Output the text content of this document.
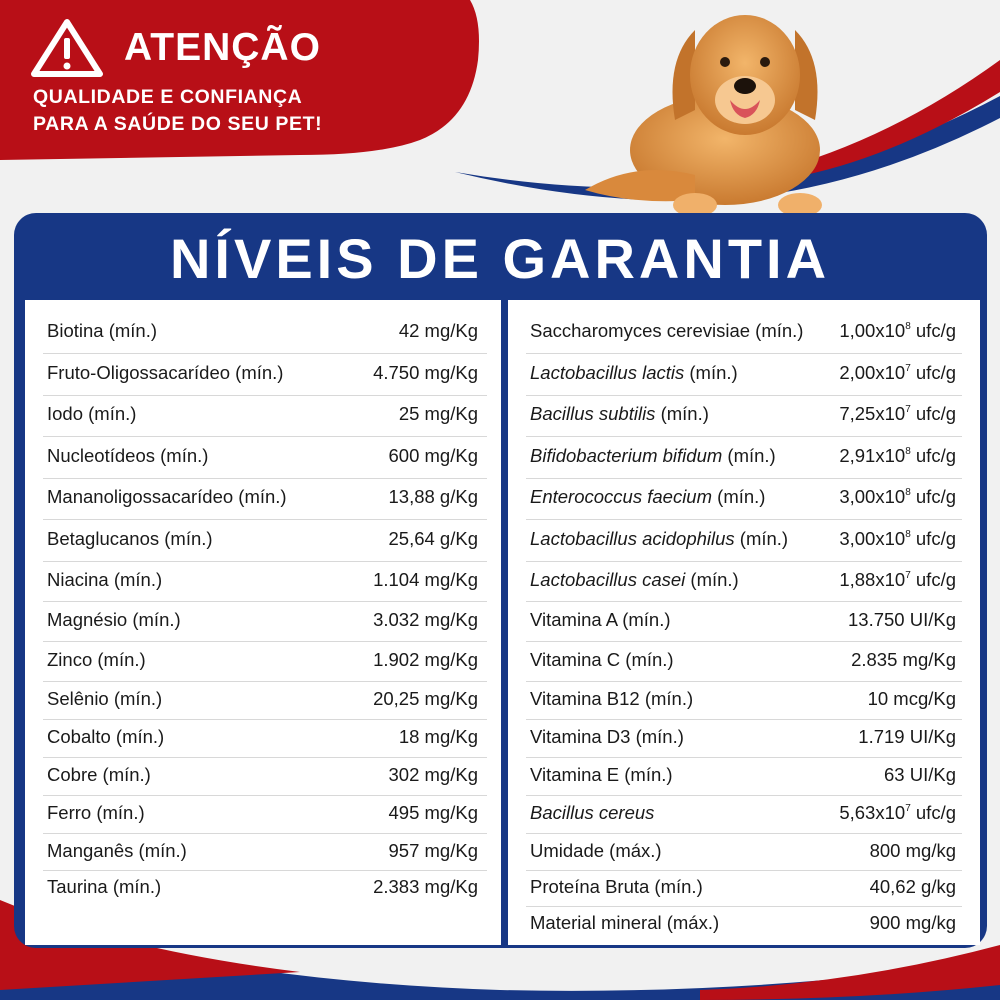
ATENÇÃO
QUALIDADE E CONFIANÇA
PARA A SAÚDE DO SEU PET!
NÍVEIS DE GARANTIA
Biotina (mín.)	42 mg/Kg
Fruto-Oligossacarídeo (mín.)	4.750 mg/Kg
Iodo (mín.)	25 mg/Kg
Nucleotídeos (mín.)	600 mg/Kg
Mananoligossacarídeo (mín.)	13,88 g/Kg
Betaglucanos (mín.)	25,64 g/Kg
Niacina (mín.)	1.104 mg/Kg
Magnésio (mín.)	3.032 mg/Kg
Zinco (mín.)	1.902 mg/Kg
Selênio (mín.)	20,25 mg/Kg
Cobalto (mín.)	18 mg/Kg
Cobre (mín.)	302 mg/Kg
Ferro (mín.)	495 mg/Kg
Manganês (mín.)	957 mg/Kg
Taurina (mín.)	2.383 mg/Kg
Saccharomyces cerevisiae (mín.) $1,00x10^8$ ufc/g
Lactobacillus lactis (mín.)	$2,00x10^7$ ufc/g
Bacillus subtilis (mín.)	$7,25x10^7$ ufc/g
Bifidobacterium bifidum (mín.)	$2,91x10^8$ ufc/g
Enterococcus faecium (mín.)	$3,00x10^8$ ufc/g
Lactobacillus acidophilus (mín.)	$3,00x10^8$ ufc/g
Lactobacillus casei (mín.)	$1,88x10^7$ ufc/g
Vitamina A (mín.)	13.750 UI/Kg
Vitamina C (mín.)	2.835 mg/Kg
Vitamina B12 (mín.)	10 mcg/Kg
Vitamina D3 (mín.)	1.719 UI/Kg
Vitamina E (mín.)	63 UI/Kg
Bacillus cereus	$5,63x10^7$ ufc/g
Umidade (máx.)	800 mg/kg
Proteína Bruta (mín.)	40,62 g/kg
Material mineral (máx.)	900 mg/kg
